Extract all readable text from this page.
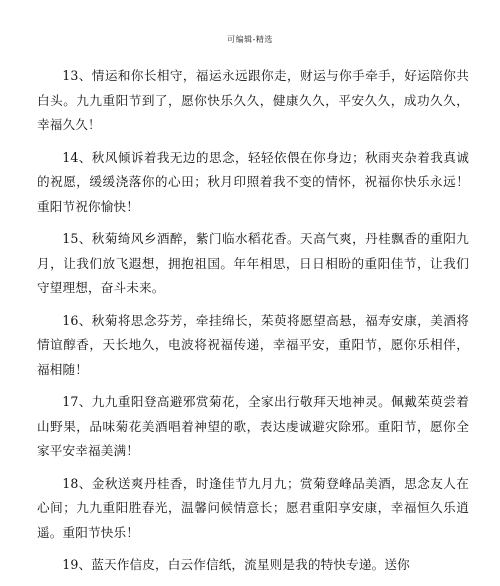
可编辑-精选

13、情运和你长相守，福运永远跟你走，财运与你手牵手，好运陪你共白头。九九重阳节到了，愿你快乐久久，健康久久，平安久久，成功久久，幸福久久！

14、秋风倾诉着我无边的思念，轻轻依偎在你身边；秋雨夹杂着我真诚的祝愿，缓缓浇落你的心田；秋月印照着我不变的情怀，祝福你快乐永远！重阳节祝你愉快！

15、秋菊绮风乡酒醉，紫门临水稻花香。天高气爽，丹桂飘香的重阳九月，让我们放飞遐想，拥抱祖国。年年相思，日日相盼的重阳佳节，让我们守望理想，奋斗未来。

16、秋菊将思念芬芳，牵挂绵长，茱萸将愿望高悬，福寿安康，美酒将情谊醇香，天长地久，电波将祝福传递，幸福平安，重阳节，愿你乐相伴，福相随！

17、九九重阳登高避邪赏菊花，全家出行敬拜天地神灵。佩戴茱萸尝着山野果，品味菊花美酒唱着神望的歌，表达虔诚避灾除邪。重阳节，愿你全家平安幸福美满！

18、金秋送爽丹桂香，时逢佳节九月九；赏菊登峰品美酒，思念友人在心间；九九重阳胜春光，温馨问候情意长；愿君重阳享安康，幸福恒久乐逍遥。重阳节快乐！

19、蓝天作信皮，白云作信纸，流星则是我的特快专递。送你
